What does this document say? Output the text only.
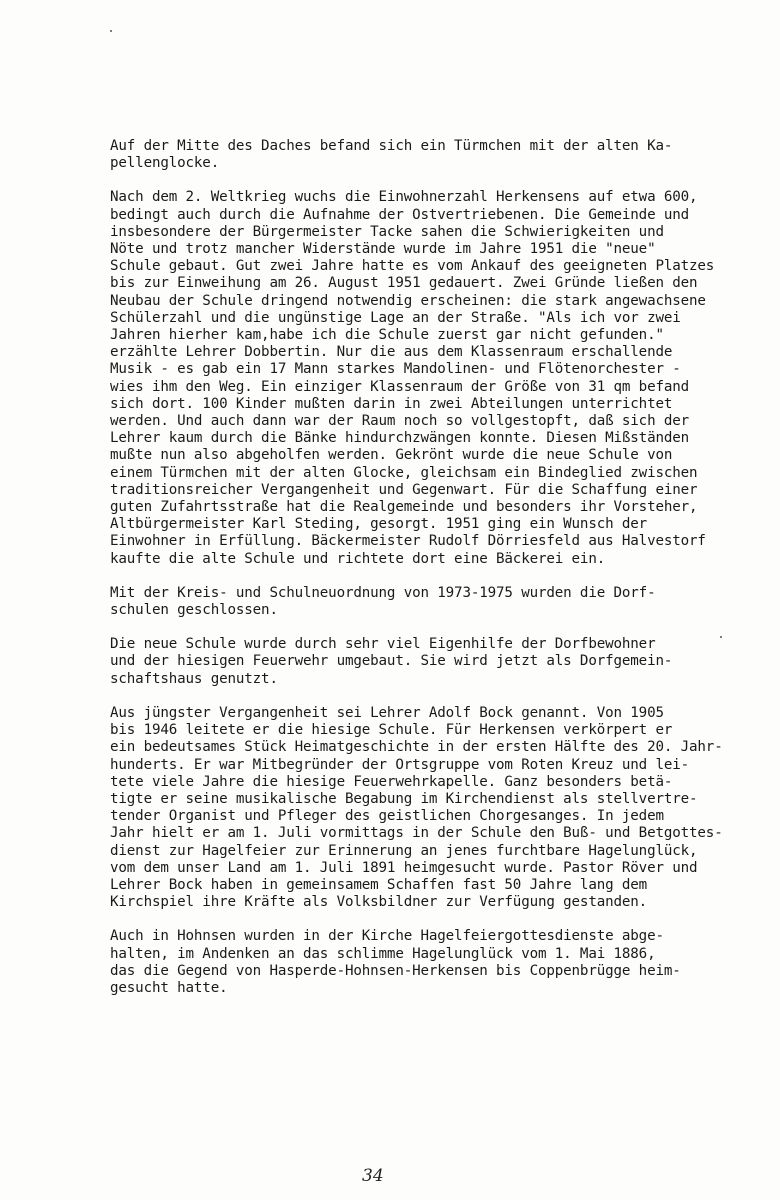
Auf der Mitte des Daches befand sich ein Türmchen mit der alten Ka-
pellenglocke.
Nach dem 2. Weltkrieg wuchs die Einwohnerzahl Herkensens auf etwa 600,
bedingt auch durch die Aufnahme der Ostvertriebenen. Die Gemeinde und
insbesondere der Bürgermeister Tacke sahen die Schwierigkeiten und
Nöte und trotz mancher Widerstände wurde im Jahre 1951 die "neue"
Schule gebaut. Gut zwei Jahre hatte es vom Ankauf des geeigneten Platzes
bis zur Einweihung am 26. August 1951 gedauert. Zwei Gründe ließen den
Neubau der Schule dringend notwendig erscheinen: die stark angewachsene
Schülerzahl und die ungünstige Lage an der Straße. "Als ich vor zwei
Jahren hierher kam,habe ich die Schule zuerst gar nicht gefunden."
erzählte Lehrer Dobbertin. Nur die aus dem Klassenraum erschallende
Musik - es gab ein 17 Mann starkes Mandolinen- und Flötenorchester -
wies ihm den Weg. Ein einziger Klassenraum der Größe von 31 qm befand
sich dort. 100 Kinder mußten darin in zwei Abteilungen unterrichtet
werden. Und auch dann war der Raum noch so vollgestopft, daß sich der
Lehrer kaum durch die Bänke hindurchzwängen konnte. Diesen Mißständen
mußte nun also abgeholfen werden. Gekrönt wurde die neue Schule von
einem Türmchen mit der alten Glocke, gleichsam ein Bindeglied zwischen
traditionsreicher Vergangenheit und Gegenwart. Für die Schaffung einer
guten Zufahrtsstraße hat die Realgemeinde und besonders ihr Vorsteher,
Altbürgermeister Karl Steding, gesorgt. 1951 ging ein Wunsch der
Einwohner in Erfüllung. Bäckermeister Rudolf Dörriesfeld aus Halvestorf
kaufte die alte Schule und richtete dort eine Bäckerei ein.
Mit der Kreis- und Schulneuordnung von 1973-1975 wurden die Dorf-
schulen geschlossen.
Die neue Schule wurde durch sehr viel Eigenhilfe der Dorfbewohner
und der hiesigen Feuerwehr umgebaut. Sie wird jetzt als Dorfgemein-
schaftshaus genutzt.
Aus jüngster Vergangenheit sei Lehrer Adolf Bock genannt. Von 1905
bis 1946 leitete er die hiesige Schule. Für Herkensen verkörpert er
ein bedeutsames Stück Heimatgeschichte in der ersten Hälfte des 20. Jahr-
hunderts. Er war Mitbegründer der Ortsgruppe vom Roten Kreuz und lei-
tete viele Jahre die hiesige Feuerwehrkapelle. Ganz besonders betä-
tigte er seine musikalische Begabung im Kirchendienst als stellvertre-
tender Organist und Pfleger des geistlichen Chorgesanges. In jedem
Jahr hielt er am 1. Juli vormittags in der Schule den Buß- und Betgottes-
dienst zur Hagelfeier zur Erinnerung an jenes furchtbare Hagelunglück,
vom dem unser Land am 1. Juli 1891 heimgesucht wurde. Pastor Röver und
Lehrer Bock haben in gemeinsamem Schaffen fast 50 Jahre lang dem
Kirchspiel ihre Kräfte als Volksbildner zur Verfügung gestanden.
Auch in Hohnsen wurden in der Kirche Hagelfeiergottesdienste abge-
halten, im Andenken an das schlimme Hagelunglück vom 1. Mai 1886,
das die Gegend von Hasperde-Hohnsen-Herkensen bis Coppenbrügge heim-
gesucht hatte.
34
